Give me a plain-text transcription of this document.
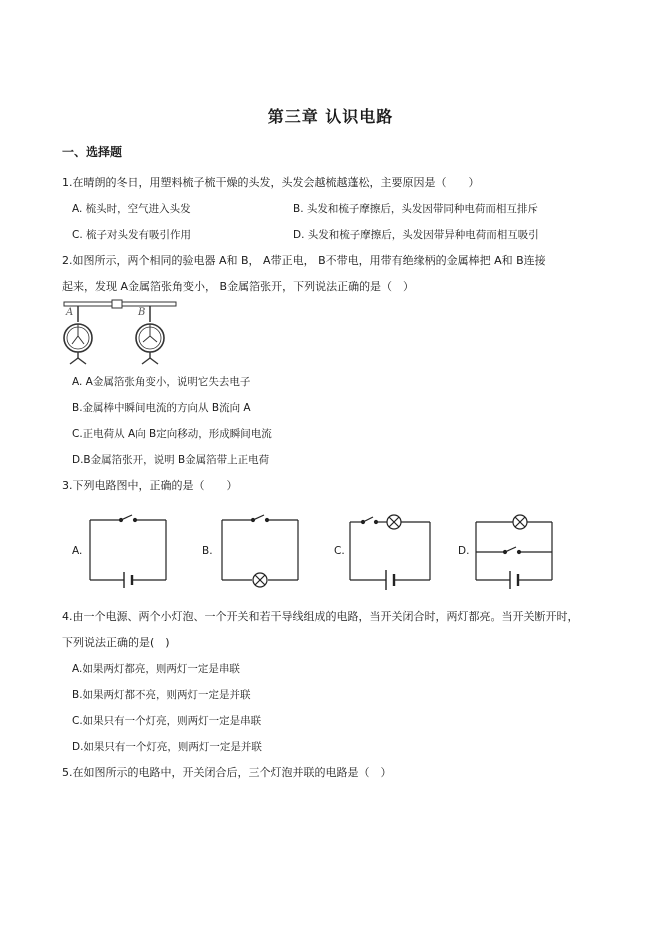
第三章 认识电路
一、选择题
1.在晴朗的冬日，用塑料梳子梳干燥的头发，头发会越梳越蓬松，主要原因是（　　）
A. 梳头时，空气进入头发	B. 头发和梳子摩擦后，头发因带同种电荷而相互排斥
C. 梳子对头发有吸引作用	D. 头发和梳子摩擦后，头发因带异种电荷而相互吸引
2.如图所示，两个相同的验电器 A和 B， A带正电， B不带电，用带有绝缘柄的金属棒把 A和 B连接
起来，发现 A金属箔张角变小， B金属箔张开，下列说法正确的是（　）
A	B
A. A金属箔张角变小，说明它失去电子
B.金属棒中瞬间电流的方向从 B流向 A
C.正电荷从 A向 B定向移动，形成瞬间电流
D.B金属箔张开，说明 B金属箔带上正电荷
3.下列电路图中，正确的是（　　）
A.	B.	C.	D.
4.由一个电源、两个小灯泡、一个开关和若干导线组成的电路，当开关闭合时，两灯都亮。当开关断开时，
下列说法正确的是(　)
A.如果两灯都亮，则两灯一定是串联
B.如果两灯都不亮，则两灯一定是并联
C.如果只有一个灯亮，则两灯一定是串联
D.如果只有一个灯亮，则两灯一定是并联
5.在如图所示的电路中，开关闭合后，三个灯泡并联的电路是（　）
